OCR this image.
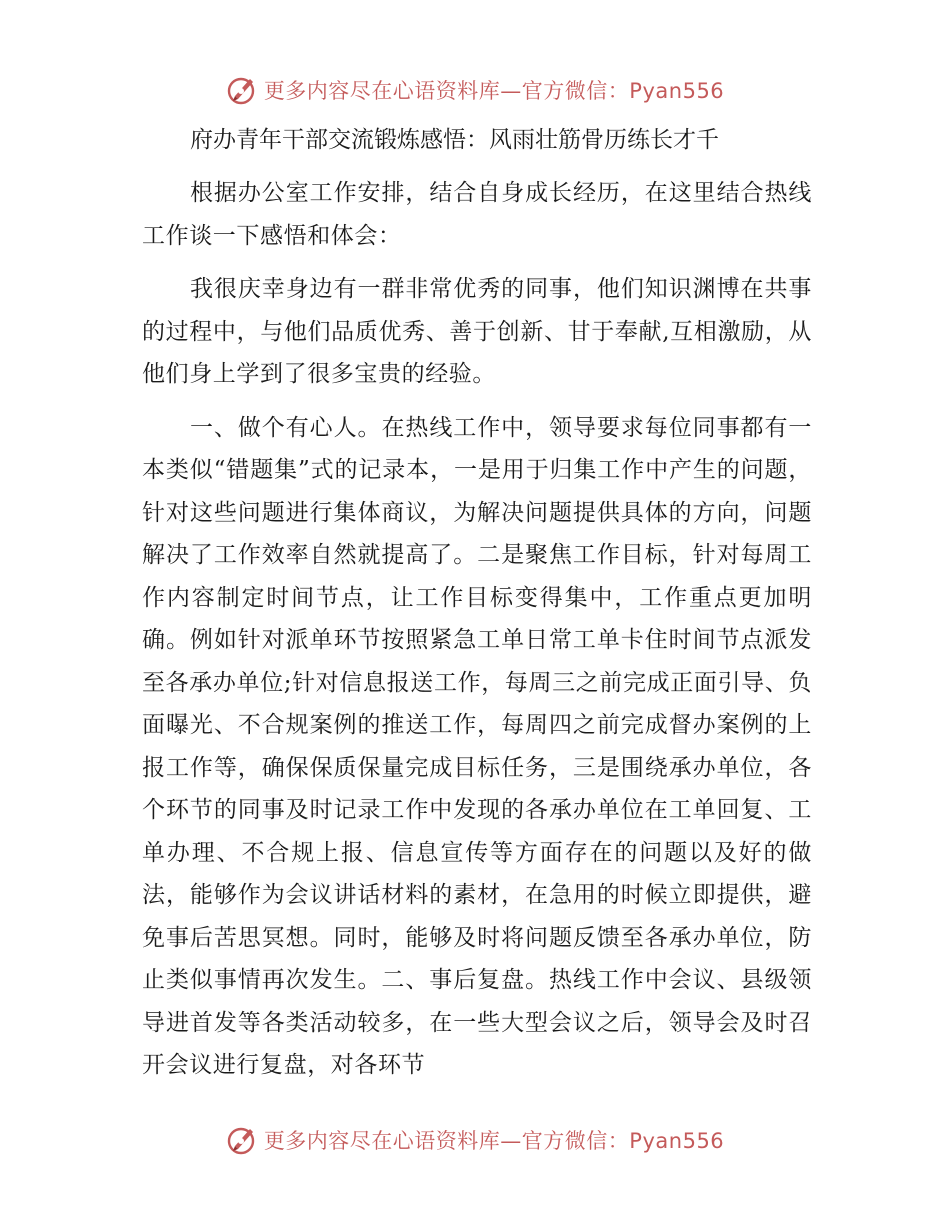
更多内容尽在心语资料库—官方微信：Pyan556
府办青年干部交流锻炼感悟：风雨壮筋骨历练长才千

根据办公室工作安排，结合自身成长经历，在这里结合热线工作谈一下感悟和体会：

我很庆幸身边有一群非常优秀的同事，他们知识渊博在共事的过程中，与他们品质优秀、善于创新、甘于奉献,互相激励，从他们身上学到了很多宝贵的经验。

一、做个有心人。在热线工作中，领导要求每位同事都有一本类似“错题集”式的记录本，一是用于归集工作中产生的问题，针对这些问题进行集体商议，为解决问题提供具体的方向，问题解决了工作效率自然就提高了。二是聚焦工作目标，针对每周工作内容制定时间节点，让工作目标变得集中，工作重点更加明确。例如针对派单环节按照紧急工单日常工单卡住时间节点派发至各承办单位;针对信息报送工作，每周三之前完成正面引导、负面曝光、不合规案例的推送工作，每周四之前完成督办案例的上报工作等，确保保质保量完成目标任务，三是围绕承办单位，各个环节的同事及时记录工作中发现的各承办单位在工单回复、工单办理、不合规上报、信息宣传等方面存在的问题以及好的做法，能够作为会议讲话材料的素材，在急用的时候立即提供，避免事后苦思冥想。同时，能够及时将问题反馈至各承办单位，防止类似事情再次发生。二、事后复盘。热线工作中会议、县级领导进首发等各类活动较多，在一些大型会议之后，领导会及时召开会议进行复盘，对各环节

更多内容尽在心语资料库—官方微信：Pyan556
